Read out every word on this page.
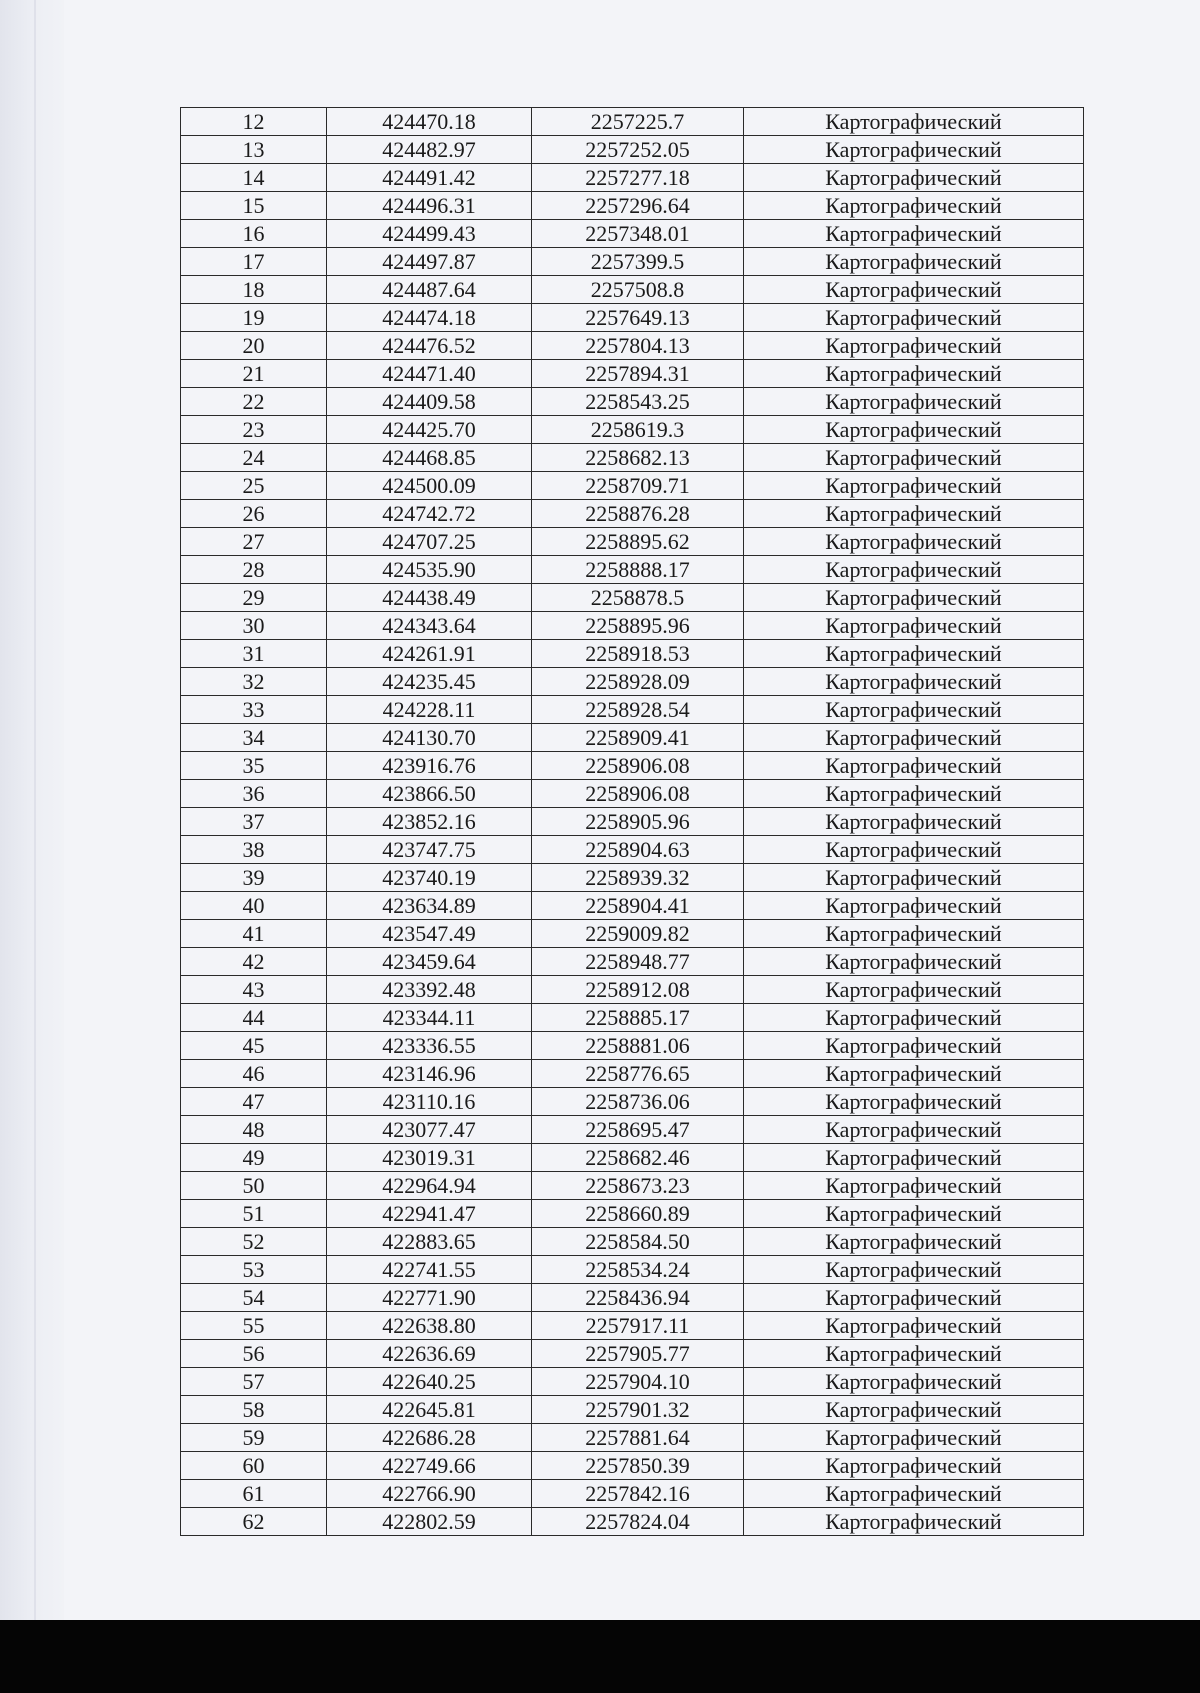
12	424470.18	2257225.7	Картографический
13	424482.97	2257252.05	Картографический
14	424491.42	2257277.18	Картографический
15	424496.31	2257296.64	Картографический
16	424499.43	2257348.01	Картографический
17	424497.87	2257399.5	Картографический
18	424487.64	2257508.8	Картографический
19	424474.18	2257649.13	Картографический
20	424476.52	2257804.13	Картографический
21	424471.40	2257894.31	Картографический
22	424409.58	2258543.25	Картографический
23	424425.70	2258619.3	Картографический
24	424468.85	2258682.13	Картографический
25	424500.09	2258709.71	Картографический
26	424742.72	2258876.28	Картографический
27	424707.25	2258895.62	Картографический
28	424535.90	2258888.17	Картографический
29	424438.49	2258878.5	Картографический
30	424343.64	2258895.96	Картографический
31	424261.91	2258918.53	Картографический
32	424235.45	2258928.09	Картографический
33	424228.11	2258928.54	Картографический
34	424130.70	2258909.41	Картографический
35	423916.76	2258906.08	Картографический
36	423866.50	2258906.08	Картографический
37	423852.16	2258905.96	Картографический
38	423747.75	2258904.63	Картографический
39	423740.19	2258939.32	Картографический
40	423634.89	2258904.41	Картографический
41	423547.49	2259009.82	Картографический
42	423459.64	2258948.77	Картографический
43	423392.48	2258912.08	Картографический
44	423344.11	2258885.17	Картографический
45	423336.55	2258881.06	Картографический
46	423146.96	2258776.65	Картографический
47	423110.16	2258736.06	Картографический
48	423077.47	2258695.47	Картографический
49	423019.31	2258682.46	Картографический
50	422964.94	2258673.23	Картографический
51	422941.47	2258660.89	Картографический
52	422883.65	2258584.50	Картографический
53	422741.55	2258534.24	Картографический
54	422771.90	2258436.94	Картографический
55	422638.80	2257917.11	Картографический
56	422636.69	2257905.77	Картографический
57	422640.25	2257904.10	Картографический
58	422645.81	2257901.32	Картографический
59	422686.28	2257881.64	Картографический
60	422749.66	2257850.39	Картографический
61	422766.90	2257842.16	Картографический
62	422802.59	2257824.04	Картографический
